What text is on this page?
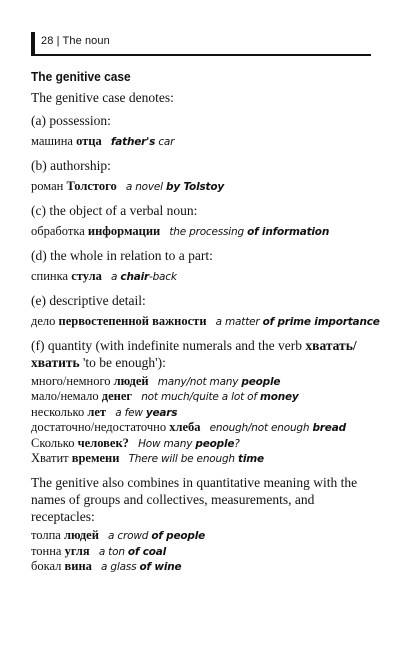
28 | The noun
The genitive case

The genitive case denotes:

(a) possession:

машина отца father's car

(b) authorship:

роман Толстого a novel by Tolstoy

(c) the object of a verbal noun:

обработка информации the processing of information

(d) the whole in relation to a part:

спинка стула a chair-back

(e) descriptive detail:

дело первостепенной важности a matter of prime importance

(f) quantity (with indefinite numerals and the verb хватать/ хватить 'to be enough'):

много/немного людей many/not many people
мало/немало денег not much/quite a lot of money
несколько лет a few years
достаточно/недостаточно хлеба enough/not enough bread
Сколько человек? How many people?
Хватит времени There will be enough time

The genitive also combines in quantitative meaning with the names of groups and collectives, measurements, and receptacles:

толпа людей a crowd of people
тонна угля a ton of coal
бокал вина a glass of wine
